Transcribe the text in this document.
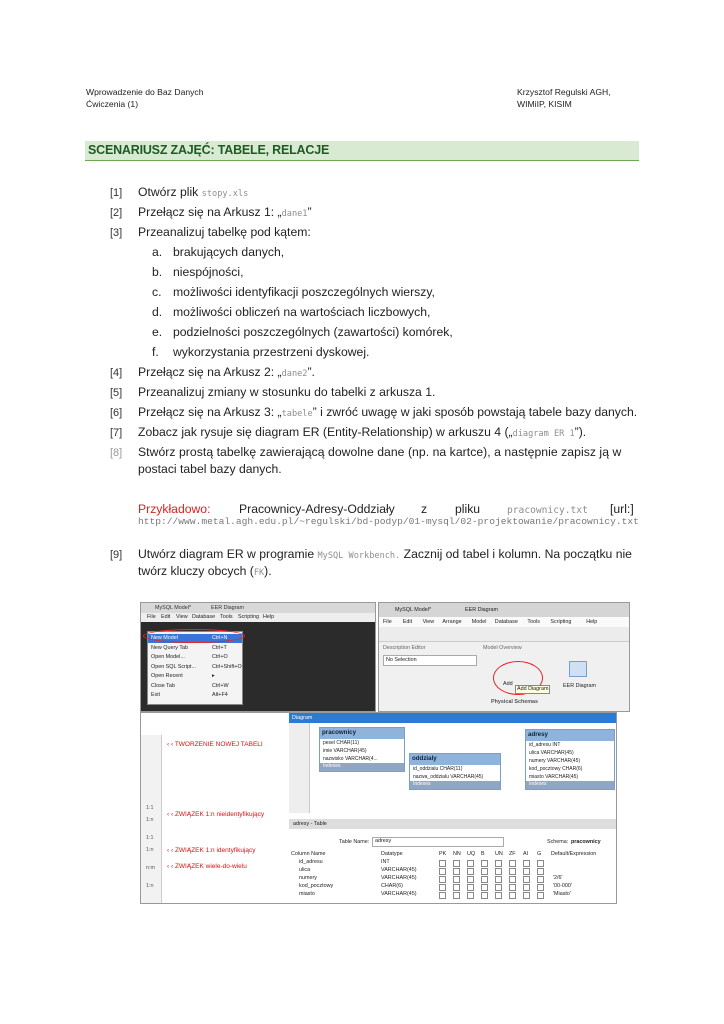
Wprowadzenie do Baz Danych
Ćwiczenia (1)
Krzysztof Regulski AGH,
WIMiIP, KISIM
SCENARIUSZ ZAJĘĆ: TABELE, RELACJE
[1] Otwórz plik stopy.xls
[2] Przełącz się na Arkusz 1: „dane1”
[3] Przeanalizuj tabelkę pod kątem:
a. brakujących danych,
b. niespójności,
c. możliwości identyfikacji poszczególnych wierszy,
d. możliwości obliczeń na wartościach liczbowych,
e. podzielności poszczególnych (zawartości) komórek,
f. wykorzystania przestrzeni dyskowej.
[4] Przełącz się na Arkusz 2: „dane2”.
[5] Przeanalizuj zmiany w stosunku do tabelki z arkusza 1.
[6] Przełącz się na Arkusz 3: „tabele” i zwróć uwagę w jaki sposób powstają tabele bazy danych.
[7] Zobacz jak rysuje się diagram ER (Entity-Relationship) w arkuszu 4 („diagram ER 1”).
[8] Stwórz prostą tabelkę zawierającą dowolne dane (np. na kartce), a następnie zapisz ją w
postaci tabel bazy danych.
Przykładowo: Pracownicy-Adresy-Oddziały z pliku	pracownicy.txt [url:]
http://www.metal.agh.edu.pl/~regulski/bd-podyp/01-mysql/02-projektowanie/pracownicy.txt
[9] Utwórz diagram ER w programie MySQL Workbench. Zacznij od tabel i kolumn. Na początku nie
twórz kluczy obcych (FK).
MySQL Model*	EER Diagram
File Edit View Database Tools Scripting Help
New Model	Ctrl+N
New Query Tab	Ctrl+T
Open Model...	Ctrl+O
Open SQL Script...	Ctrl+Shift+O
Open Recent	▸
Close Tab	Ctrl+W
Exit	Alt+F4
MySQL Model*	EER Diagram
File Edit View Arrange Model Database Tools Scripting	Help
Description Editor
No Selection
Model Overview
Add
Add Diagram	EER Diagram
Physical Schemas
Diagram
pracownicy
pesel CHAR(11)
imie VARCHAR(45)
nazwisko VARCHAR(4...
Indexes
oddzialy
id_oddzialu CHAR(11)
nazwa_oddzialu VARCHAR(45)
Indexes
adresy
id_adresu INT
ulica VARCHAR(45)
numery VARCHAR(45)
kod_pocztowy CHAR(6)
miasto VARCHAR(45)
Indexes
‹ ‹ TWORZENIE NOWEJ TABELI
‹ ‹ ZWIĄZEK 1:n nieidentyfikujący
‹ ‹ ZWIĄZEK 1:n identyfikujący
‹ ‹ ZWIĄZEK wiele-do-wielu
1:1
1:n
1:1
1:n
n:m
1:n
adresy - Table
Table Name: adresy	Schema: pracownicy
Column Name	Datatype	PK NN UQ B UN ZF AI G Default/Expression
id_adresu	INT
ulica	VARCHAR(45)
numery	VARCHAR(45)	'2/6'
kod_pocztowy	CHAR(6)	'00-000'
miasto	VARCHAR(45)	'Miasto'
